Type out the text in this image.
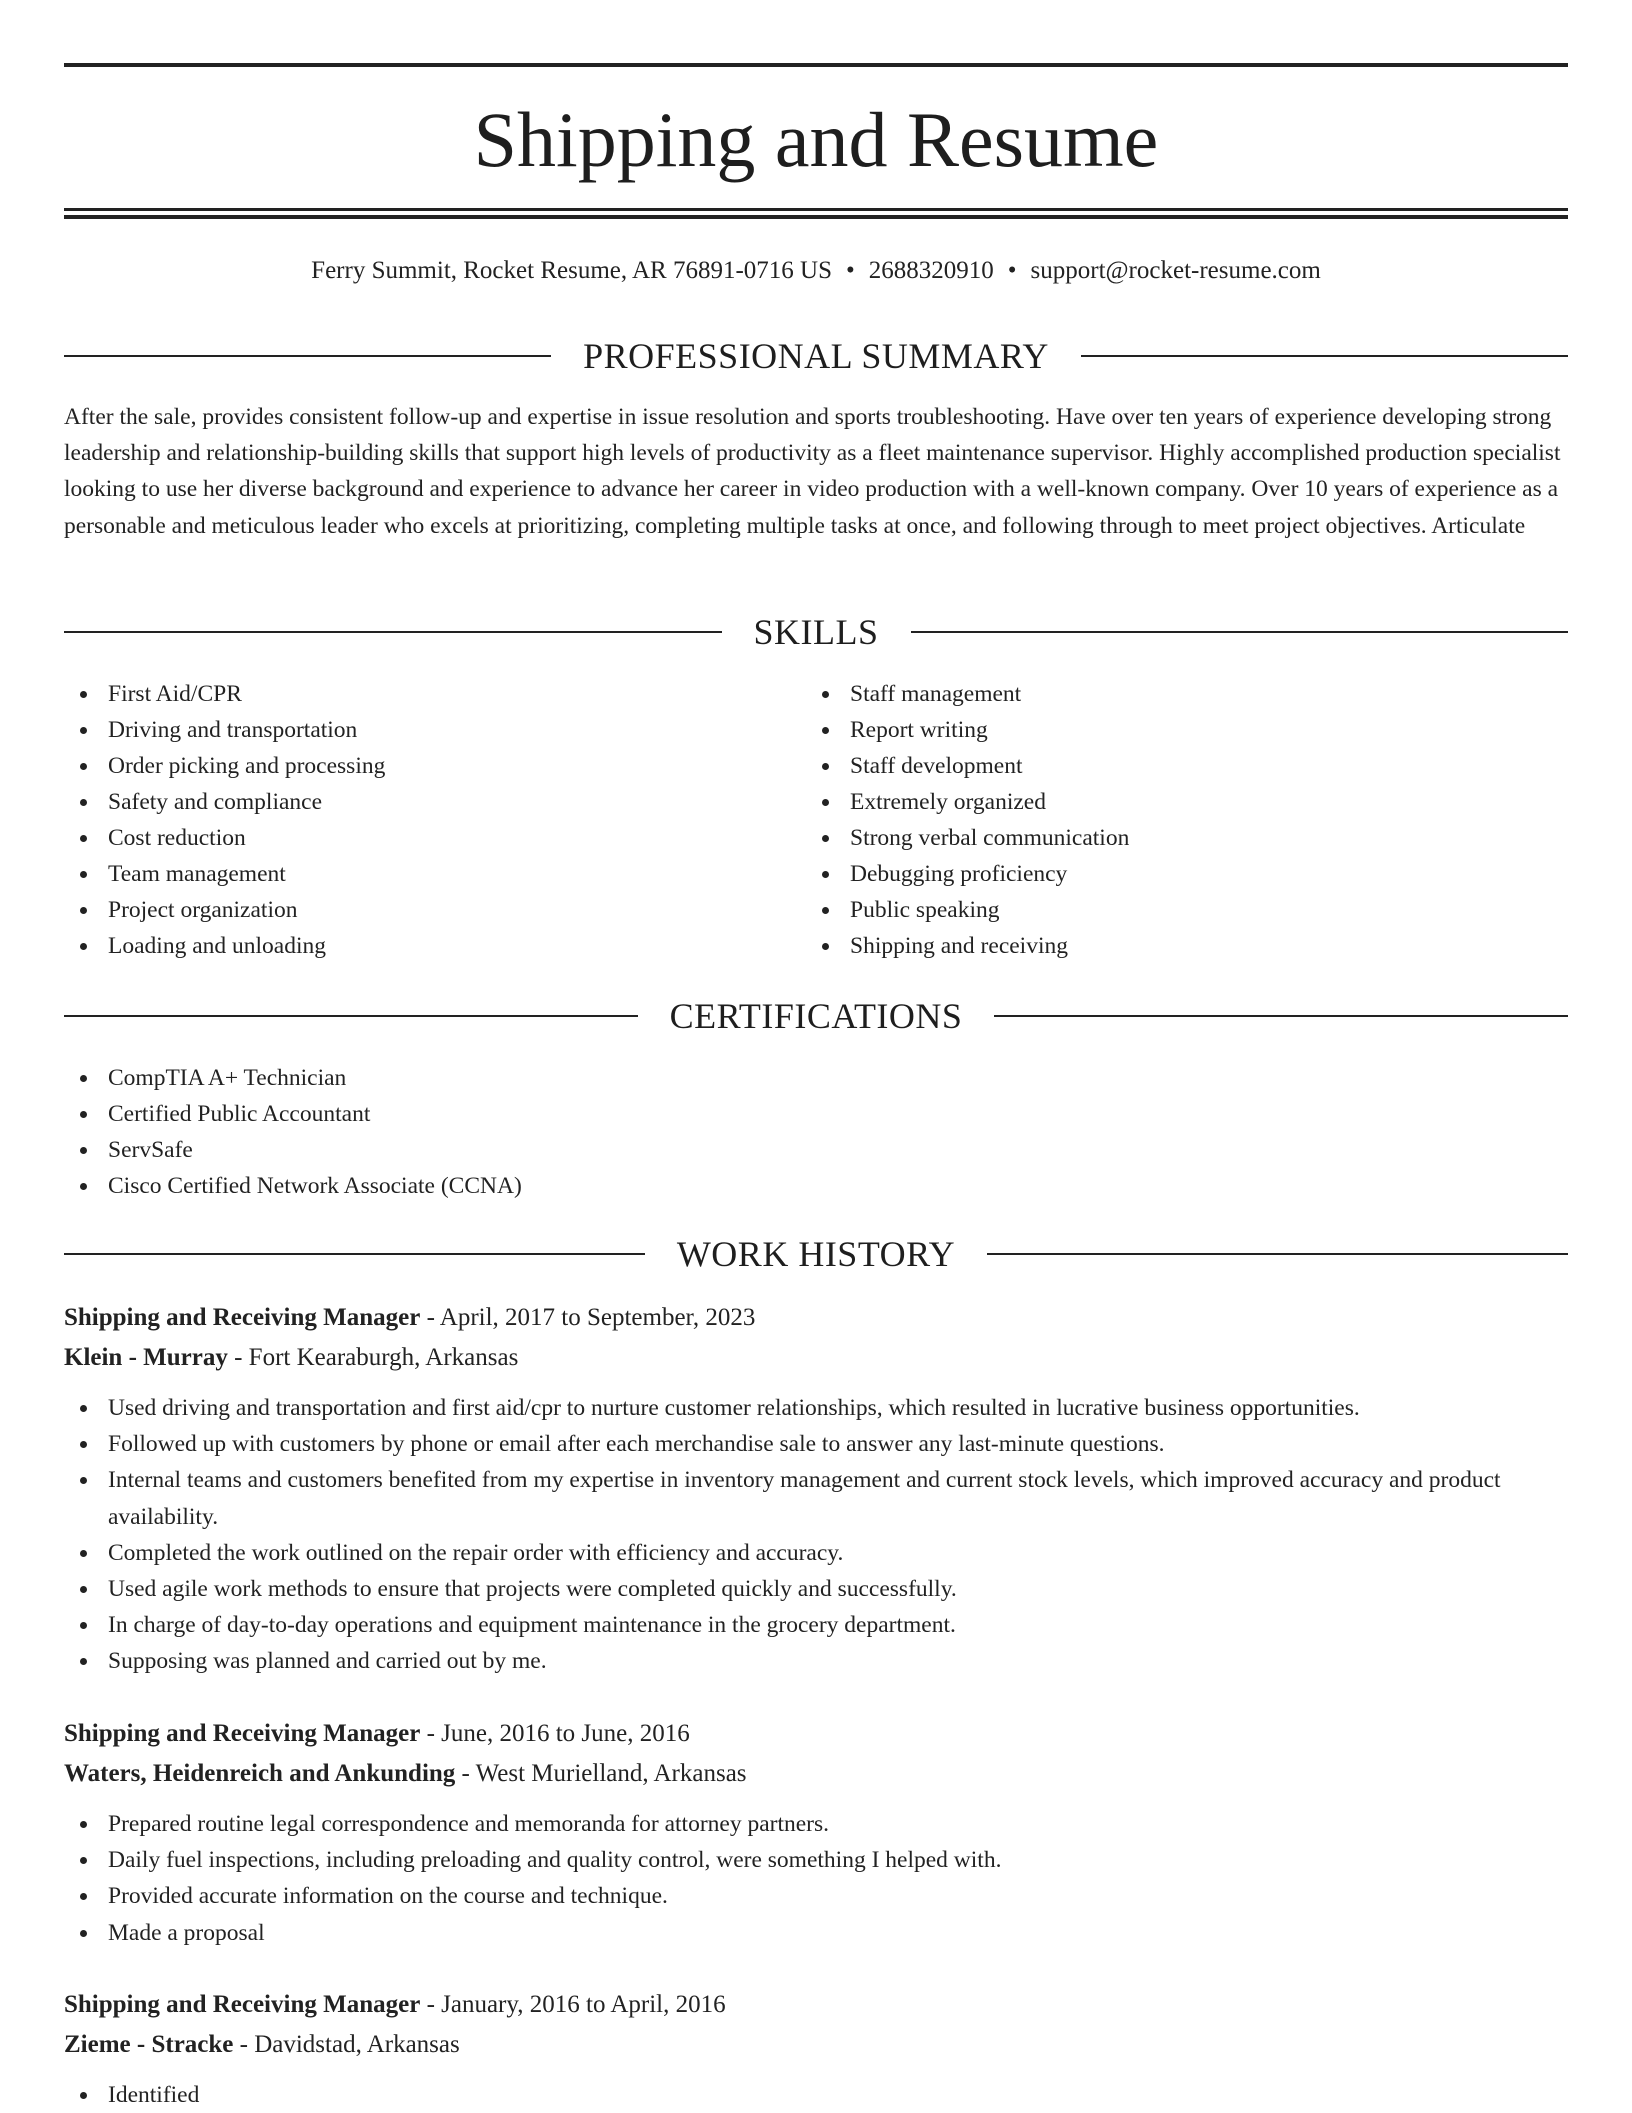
Shipping and Resume
Ferry Summit, Rocket Resume, AR 76891-0716 US • 2688320910 • support@rocket-resume.com
PROFESSIONAL SUMMARY

After the sale, provides consistent follow-up and expertise in issue resolution and sports troubleshooting. Have over ten years of experience developing strong leadership and relationship-building skills that support high levels of productivity as a fleet maintenance supervisor. Highly accomplished production specialist looking to use her diverse background and experience to advance her career in video production with a well-known company. Over 10 years of experience as a personable and meticulous leader who excels at prioritizing, completing multiple tasks at once, and following through to meet project objectives. Articulate

SKILLS
First Aid/CPR
Driving and transportation
Order picking and processing
Safety and compliance
Cost reduction
Team management
Project organization
Loading and unloading
Staff management
Report writing
Staff development
Extremely organized
Strong verbal communication
Debugging proficiency
Public speaking
Shipping and receiving
CERTIFICATIONS
CompTIA A+ Technician
Certified Public Accountant
ServSafe
Cisco Certified Network Associate (CCNA)
WORK HISTORY
Shipping and Receiving Manager - April, 2017 to September, 2023
Klein - Murray - Fort Kearaburgh, Arkansas
Used driving and transportation and first aid/cpr to nurture customer relationships, which resulted in lucrative business opportunities.
Followed up with customers by phone or email after each merchandise sale to answer any last-minute questions.
Internal teams and customers benefited from my expertise in inventory management and current stock levels, which improved accuracy and product availability.
Completed the work outlined on the repair order with efficiency and accuracy.
Used agile work methods to ensure that projects were completed quickly and successfully.
In charge of day-to-day operations and equipment maintenance in the grocery department.
Supposing was planned and carried out by me.
Shipping and Receiving Manager - June, 2016 to June, 2016
Waters, Heidenreich and Ankunding - West Murielland, Arkansas
Prepared routine legal correspondence and memoranda for attorney partners.
Daily fuel inspections, including preloading and quality control, were something I helped with.
Provided accurate information on the course and technique.
Made a proposal
Shipping and Receiving Manager - January, 2016 to April, 2016
Zieme - Stracke - Davidstad, Arkansas
Identified
